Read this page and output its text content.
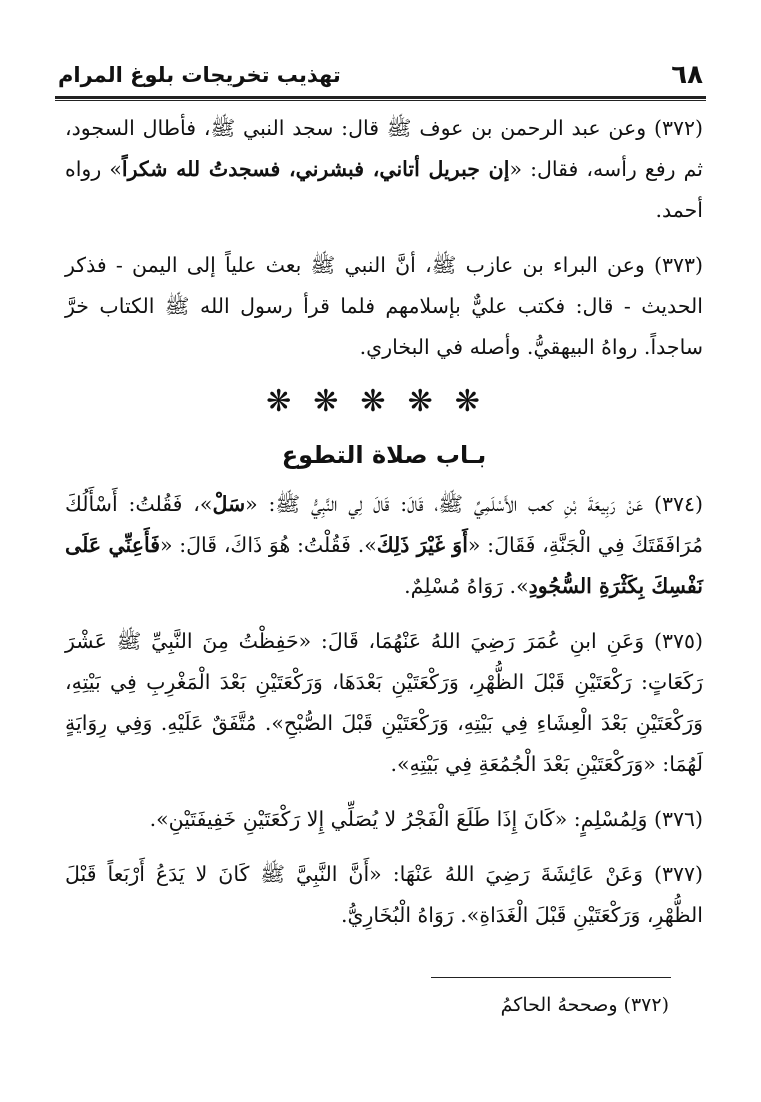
٦٨
تهذيب تخريجات بلوغ المرام

(٣٧٢) وعن عبد الرحمن بن عوف ﷺ قال: سجد النبي ﷺ، فأطال السجود، ثم رفع رأسه، فقال: «إن جبريل أتاني، فبشرني، فسجدتُ لله شكراً» رواه أحمد.

(٣٧٣) وعن البراء بن عازب ﷺ، أنَّ النبي ﷺ بعث علياً إلى اليمن - فذكر الحديث - قال: فكتب عليٌّ بإسلامهم فلما قرأ رسول الله ﷺ الكتاب خرَّ ساجداً. رواهُ البيهقيُّ. وأصله في البخاري.

❋❋❋❋❋
بـاب صلاة التطوع

(٣٧٤) عَنْ رَبِيعَةَ بْنِ كعب الأَسْلَمِيِّ ﷺ، قَالَ: قَالَ لِي النَّبِيُّ ﷺ: «سَلْ»، فَقُلتُ: أَسْأَلُكَ مُرَافَقَتَكَ فِي الْجَنَّةِ، فَقَالَ: «أَوَ غَيْرَ ذَلِكَ». فَقُلْتُ: هُوَ ذَاكَ، قَالَ: «فَأَعِنِّي عَلَى نَفْسِكَ بِكَثْرَةِ السُّجُودِ». رَوَاهُ مُسْلِمٌ.

(٣٧٥) وَعَنِ ابنِ عُمَرَ رَضِيَ اللهُ عَنْهُمَا، قَالَ: «حَفِظْتُ مِنَ النَّبِيِّ ﷺ عَشْرَ رَكَعَاتٍ: رَكْعَتَيْنِ قَبْلَ الظُّهْرِ، وَرَكْعَتَيْنِ بَعْدَهَا، وَرَكْعَتَيْنِ بَعْدَ الْمَغْرِبِ فِي بَيْتِهِ، وَرَكْعَتَيْنِ بَعْدَ الْعِشَاءِ فِي بَيْتِهِ، وَرَكْعَتَيْنِ قَبْلَ الصُّبْحِ». مُتَّفَقٌ عَلَيْهِ. وَفِي رِوَايَةٍ لَهُمَا: «وَرَكْعَتَيْنِ بَعْدَ الْجُمُعَةِ فِي بَيْتِهِ».

(٣٧٦) وَلِمُسْلِمٍ: «كَانَ إِذَا طَلَعَ الْفَجْرُ لا يُصَلِّي إِلا رَكْعَتَيْنِ خَفِيفَتَيْنِ».

(٣٧٧) وَعَنْ عَائِشَةَ رَضِيَ اللهُ عَنْهَا: «أَنَّ النَّبِيَّ ﷺ كَانَ لا يَدَعُ أَرْبَعاً قَبْلَ الظُّهْرِ، وَرَكْعَتَيْنِ قَبْلَ الْغَدَاةِ». رَوَاهُ الْبُخَارِيُّ.

(٣٧٢) وصححهُ الحاكمُ
